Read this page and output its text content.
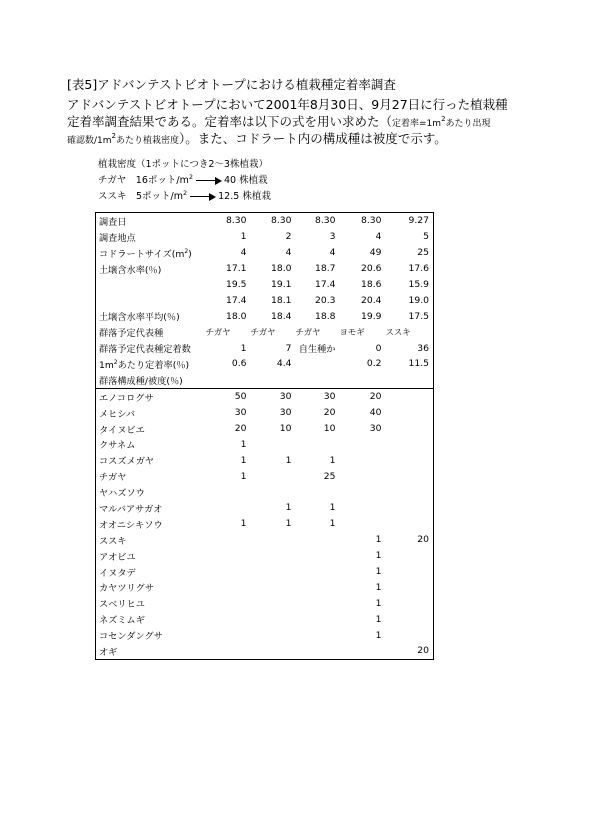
[表5]アドバンテストビオトープにおける植栽種定着率調査
アドバンテストビオトープにおいて2001年8月30日、9月27日に行った植栽種
定着率調査結果である。定着率は以下の式を用い求めた（定着率$=1m^2$あたり出現
確認数$/1m^2$あたり植栽密度）。また、コドラート内の構成種は被度で示す。
植栽密度（1ポットにつき2～3株植栽）
チガヤ　16ポット$/m^2$	40 株植栽
ススキ　5ポット$/m^2$	12.5 株植栽
調査日	8.30	8.30	8.30	8.30	9.27
調査地点	1	2	3	4	5
コドラートサイズ$(m^2)$	4	4	4	49	25
土壌含水率(％)	17.1	18.0	18.7	20.6	17.6
	19.5	19.1	17.4	18.6	15.9
	17.4	18.1	20.3	20.4	19.0
土壌含水率平均(％)	18.0	18.4	18.8	19.9	17.5
群落予定代表種	チガヤ	チガヤ	チガヤ	ヨモギ	ススキ
群落予定代表種定着数	1	7	自生種か	0	36
$1m^2$あたり定着率(％)	0.6	4.4		0.2	11.5
群落構成種/被度(％)					
エノコログサ	50	30	30	20	
メヒシバ	30	30	20	40	
タイヌビエ	20	10	10	30	
クサネム	1				
コスズメガヤ	1	1	1		
チガヤ	1		25		
ヤハズソウ					
マルバアサガオ		1	1		
オオニシキソウ	1	1	1		
ススキ				1	20
アオビユ				1	
イヌタデ				1	
カヤツリグサ				1	
スベリヒユ				1	
ネズミムギ				1	
コセンダングサ				1	
オギ					20
